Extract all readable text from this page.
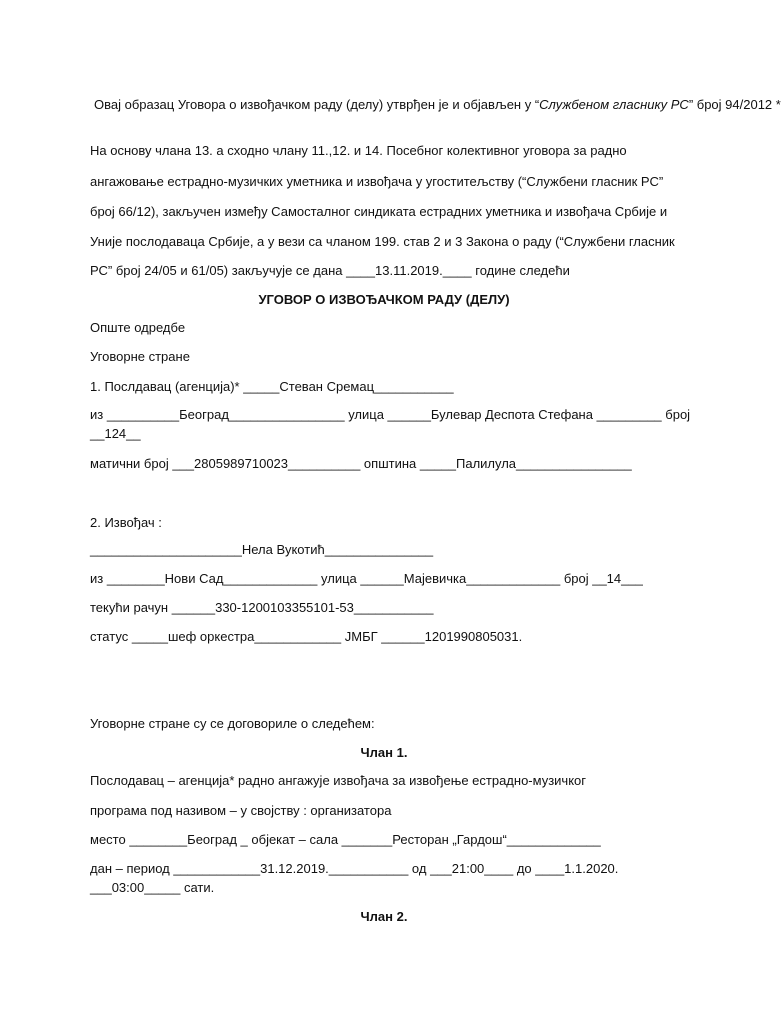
Овај образац Уговора о извођачком раду (делу) утврђен је и објављен у “Службеном гласнику РС” број 94/2012 *
На основу члана 13. а сходно члану 11.,12. и 14. Посебног колективног уговора за радно
ангажовање естрадно-музичких уметника и извођача у угоститељству (“Службени гласник РС”
број 66/12), закључен између Самосталног синдиката естрадних уметника и извођача Србије и
Уније послодаваца Србије, а у вези са чланом 199. став 2 и 3 Закона о раду (“Службени гласник
РС” број 24/05 и 61/05) закључује се дана ____13.11.2019.____ године следећи
УГОВОР О ИЗВОЂАЧКОМ РАДУ (ДЕЛУ)
Опште одредбе
Уговорне стране
1. Послдавац (агенција)* _____Стеван Сремац___________
из __________Београд________________ улица ______Булевар Деспота Стефана _________ број
__124__
матични број ___2805989710023__________ општина _____Палилула________________
2. Извођач :
_____________________Нела Вукотић_______________
из ________Нови Сад_____________ улица ______Мајевичка_____________ број __14___
текући рачун ______330-1200103355101-53___________
статус _____шеф оркестра____________ ЈМБГ ______1201990805031.
Уговорне стране су се договориле о следећем:
Члан 1.
Послодавац – агенција* радно ангажује извођача за извођење естрадно-музичког
програма под називом – у својству : организатора
место ________Београд _ објекат – сала _______Ресторан „Гардош“_____________
дан – период ____________31.12.2019.___________ од ___21:00____ до ____1.1.2020.
___03:00_____ сати.
Члан 2.
